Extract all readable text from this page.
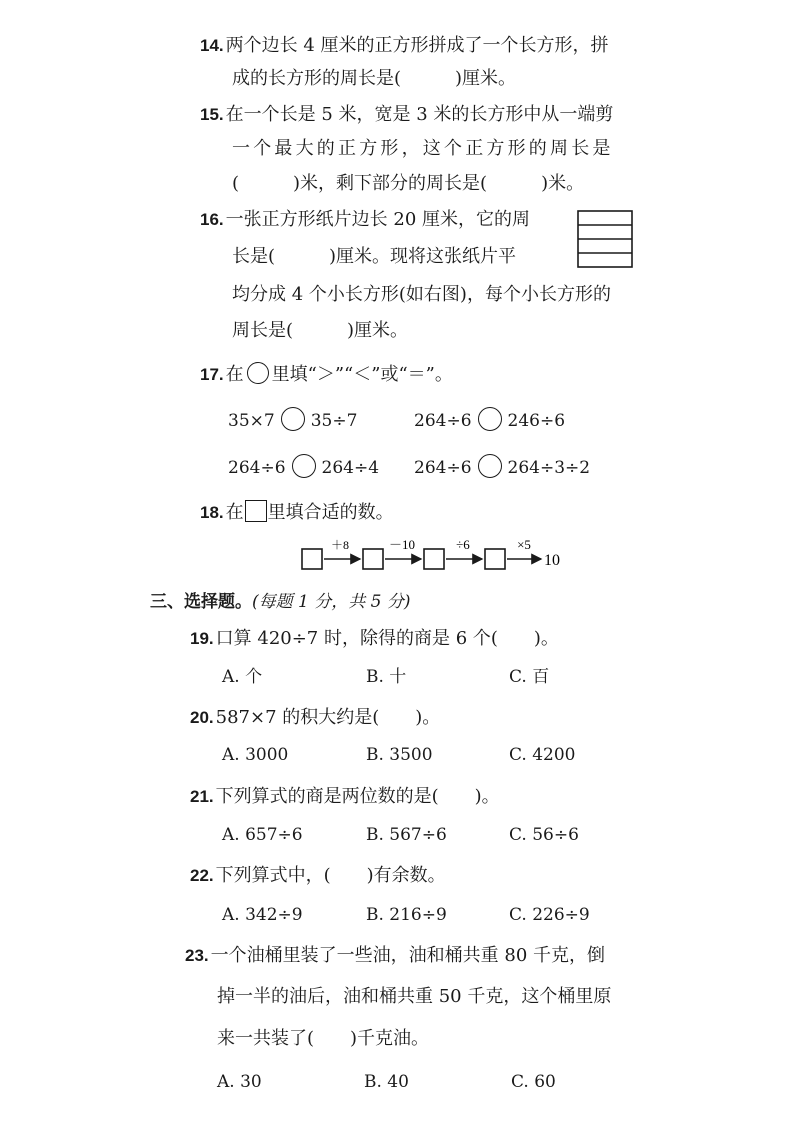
14. 两个边长 4 厘米的正方形拼成了一个长方形，拼
成的长方形的周长是(　　　)厘米。
15. 在一个长是 5 米，宽是 3 米的长方形中从一端剪
一个最大的正方形，这个正方形的周长是
(　　　)米，剩下部分的周长是(　　　)米。
16. 一张正方形纸片边长 20 厘米，它的周
长是(　　　)厘米。现将这张纸片平
均分成 4 个小长方形(如右图)，每个小长方形的
周长是(　　　)厘米。
17. 在 里填“＞”“＜”或“＝”。
35×7 35÷7	264÷6 246÷6
264÷6 264÷4 264÷6 264÷3÷2
18. 在 里填合适的数。
＋8	－10	÷6	×5
10
三、选择题。(每题 1 分，共 5 分)
19. 口算 420÷7 时，除得的商是 6 个(　　)。
A. 个	B. 十	C. 百
20. 587×7 的积大约是(　　)。
A. 3000	B. 3500	C. 4200
21. 下列算式的商是两位数的是(　　)。
A. 657÷6	B. 567÷6	C. 56÷6
22. 下列算式中，(　　)有余数。
A. 342÷9	B. 216÷9	C. 226÷9
23. 一个油桶里装了一些油，油和桶共重 80 千克，倒
掉一半的油后，油和桶共重 50 千克，这个桶里原
来一共装了(　　)千克油。
A. 30	B. 40	C. 60
